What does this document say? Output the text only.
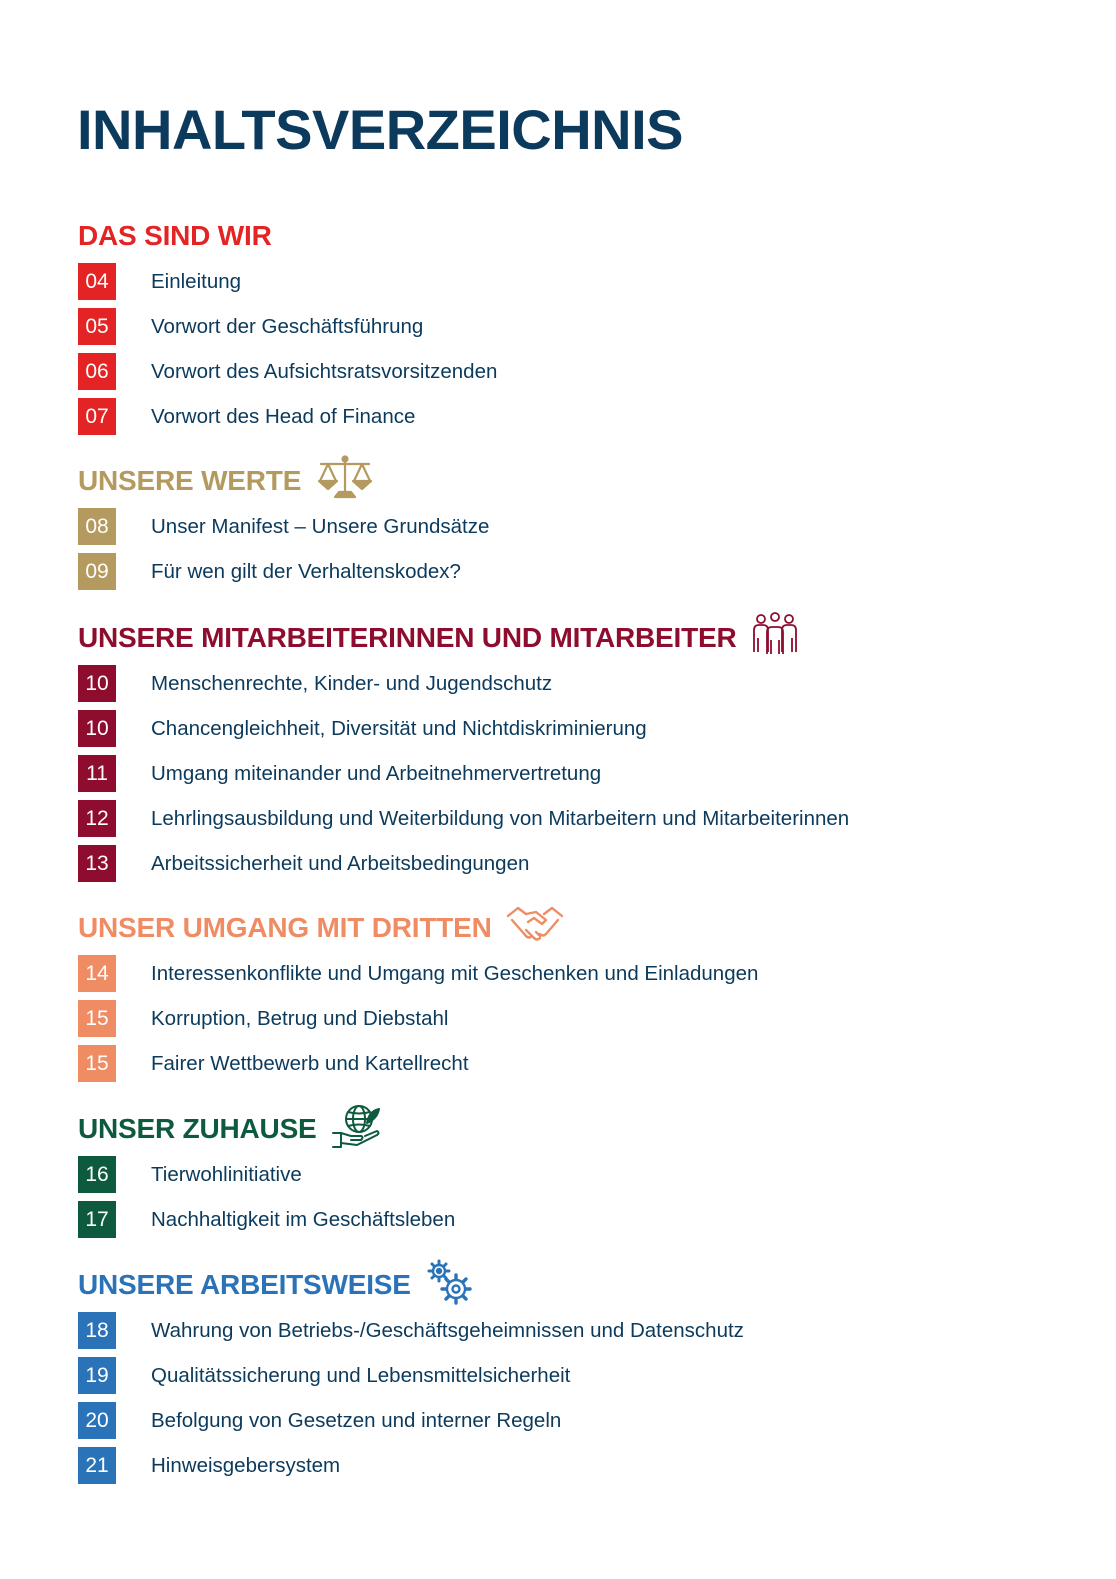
INHALTSVERZEICHNIS
DAS SIND WIR
04	Einleitung
05	Vorwort der Geschäftsführung
06	Vorwort des Aufsichtsratsvorsitzenden
07	Vorwort des Head of Finance
UNSERE WERTE
08	Unser Manifest – Unsere Grundsätze
09	Für wen gilt der Verhaltenskodex?
UNSERE MITARBEITERINNEN UND MITARBEITER
10	Menschenrechte, Kinder- und Jugendschutz
10	Chancengleichheit, Diversität und Nichtdiskriminierung
11	Umgang miteinander und Arbeitnehmervertretung
12	Lehrlingsausbildung und Weiterbildung von Mitarbeitern und Mitarbeiterinnen
13	Arbeitssicherheit und Arbeitsbedingungen
UNSER UMGANG MIT DRITTEN
14	Interessenkonflikte und Umgang mit Geschenken und Einladungen
15	Korruption, Betrug und Diebstahl
15	Fairer Wettbewerb und Kartellrecht
UNSER ZUHAUSE
16	Tierwohlinitiative
17	Nachhaltigkeit im Geschäftsleben
UNSERE ARBEITSWEISE
18	Wahrung von Betriebs-/Geschäftsgeheimnissen und Datenschutz
19	Qualitätssicherung und Lebensmittelsicherheit
20	Befolgung von Gesetzen und interner Regeln
21	Hinweisgebersystem
